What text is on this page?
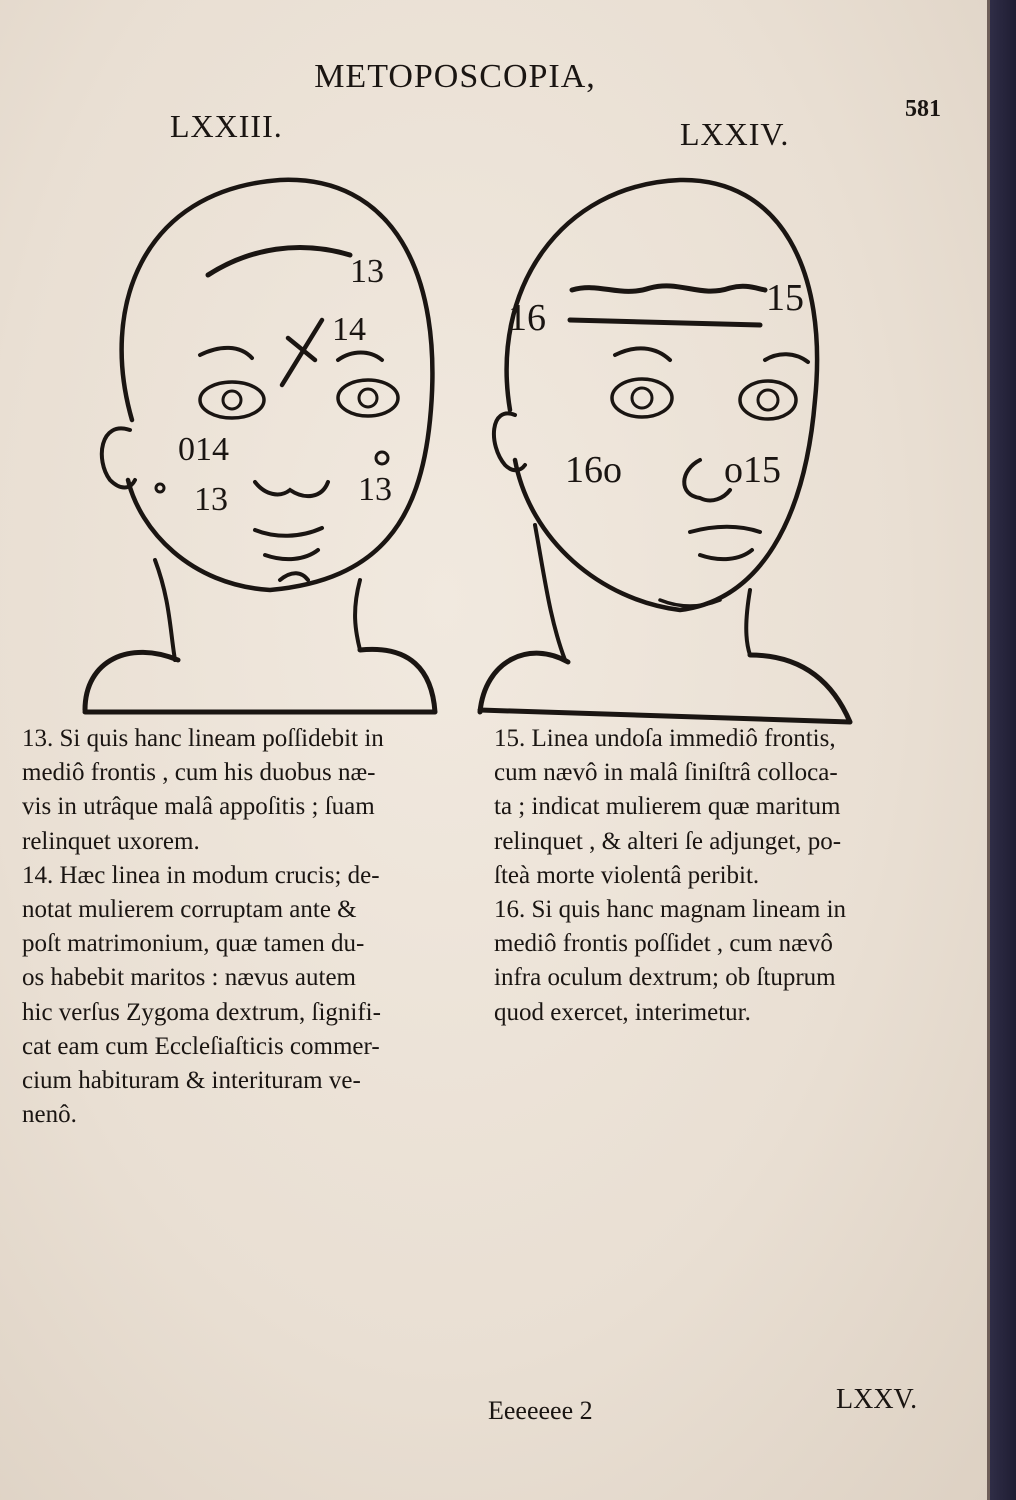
METOPOSCOPIA,
581
LXXIII.	LXXIV.
13
14
014
13	13
16	15
16o	o15

13. Si quis hanc lineam poſſidebit in
mediô frontis , cum his duobus næ-
vis in utrâque malâ appoſitis ; ſuam
relinquet uxorem.

14. Hæc linea in modum crucis; de-
notat mulierem corruptam ante &
poſt matrimonium, quæ tamen du-
os habebit maritos : nævus autem
hic verſus Zygoma dextrum, ſignifi-
cat eam cum Eccleſiaſticis commer-
cium habituram & interituram ve-
nenô.

15. Linea undoſa immediô frontis,
cum nævô in malâ ſiniſtrâ colloca-
ta ; indicat mulierem quæ maritum
relinquet , & alteri ſe adjunget, po-
ſteà morte violentâ peribit.

16. Si quis hanc magnam lineam in
mediô frontis poſſidet , cum nævô
infra oculum dextrum; ob ſtuprum
quod exercet, interimetur.

Eeeeeee 2	LXXV.
